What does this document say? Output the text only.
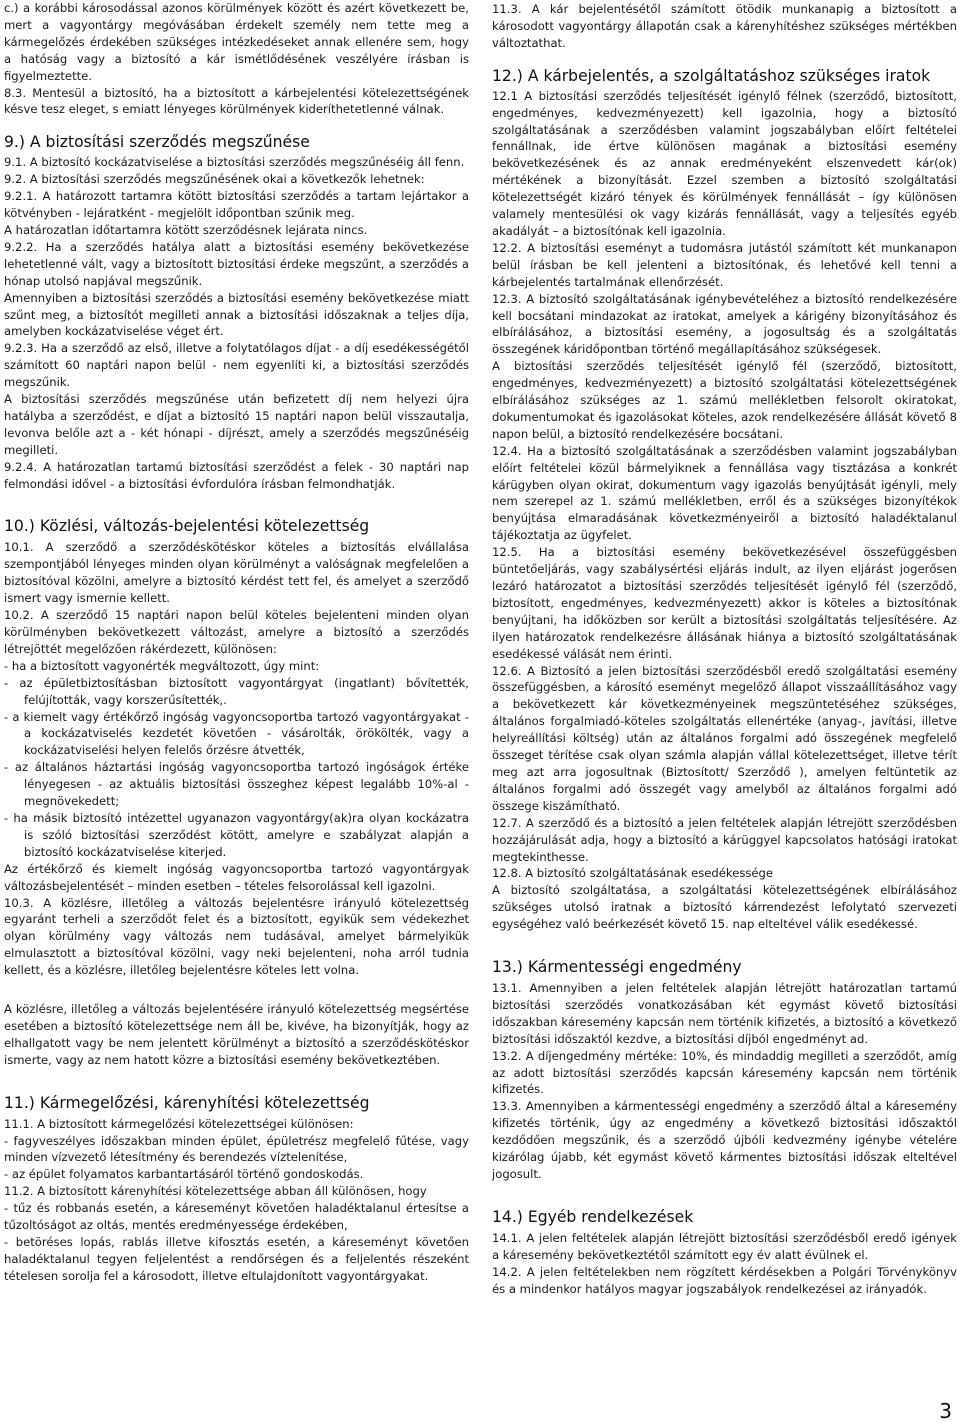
c.) a korábbi károsodással azonos körülmények között és azért következett be, mert a vagyontárgy megóvásában érdekelt személy nem tette meg a kármegelőzés érdekében szükséges intézkedéseket annak ellenére sem, hogy a hatóság vagy a biztosító a kár ismétlődésének veszélyére írásban is figyelmeztette.

8.3. Mentesül a biztosító, ha a biztosított a kárbejelentési kötelezettségének késve tesz eleget, s emiatt lényeges körülmények kideríthetetlenné válnak.

9.) A biztosítási szerződés megszűnése

9.1. A biztosító kockázatviselése a biztosítási szerződés megszűnéséig áll fenn.

9.2. A biztosítási szerződés megszűnésének okai a következők lehetnek:

9.2.1. A határozott tartamra kötött biztosítási szerződés a tartam lejártakor a kötvényben - lejáratként - megjelölt időpontban szűnik meg.

A határozatlan időtartamra kötött szerződésnek lejárata nincs.

9.2.2. Ha a szerződés hatálya alatt a biztosítási esemény bekövetkezése lehetetlenné vált, vagy a biztosított biztosítási érdeke megszűnt, a szerződés a hónap utolsó napjával megszűnik.

Amennyiben a biztosítási szerződés a biztosítási esemény bekövetkezése miatt szűnt meg, a biztosítót megilleti annak a biztosítási időszaknak a teljes díja, amelyben kockázatviselése véget ért.

9.2.3. Ha a szerződő az első, illetve a folytatólagos díjat - a díj esedékességétől számított 60 naptári napon belül - nem egyenlíti ki, a biztosítási szerződés megszűnik.

A biztosítási szerződés megszűnése után befizetett díj nem helyezi újra hatályba a szerződést, e díjat a biztosító 15 naptári napon belül visszautalja, levonva belőle azt a - két hónapi - díjrészt, amely a szerződés megszűnéséig megilleti.

9.2.4. A határozatlan tartamú biztosítási szerződést a felek - 30 naptári nap felmondási idővel - a biztosítási évfordulóra írásban felmondhatják.

10.) Közlési, változás-bejelentési kötelezettség

10.1. A szerződő a szerződéskötéskor köteles a biztosítás elvállalása szempontjából lényeges minden olyan körülményt a valóságnak megfelelően a biztosítóval közölni, amelyre a biztosító kérdést tett fel, és amelyet a szerződő ismert vagy ismernie kellett.

10.2. A szerződő 15 naptári napon belül köteles bejelenteni minden olyan körülményben bekövetkezett változást, amelyre a biztosító a szerződés létrejöttét megelőzően rákérdezett, különösen:

- ha a biztosított vagyonérték megváltozott, úgy mint:

- az épületbiztosításban biztosított vagyontárgyat (ingatlant) bővítették, felújították, vagy korszerűsítették,.

- a kiemelt vagy értékőrző ingóság vagyoncsoportba tartozó vagyontárgyakat - a kockázatviselés kezdetét követően - vásárolták, örökölték, vagy a kockázatviselési helyen felelős őrzésre átvették,

- az általános háztartási ingóság vagyoncsoportba tartozó ingóságok értéke lényegesen - az aktuális biztosítási összeghez képest legalább 10%-al - megnövekedett;

- ha másik biztosító intézettel ugyanazon vagyontárgy(ak)ra olyan kockázatra is szóló biztosítási szerződést kötött, amelyre e szabályzat alapján a biztosító kockázatviselése kiterjed.

Az értékőrző és kiemelt ingóság vagyoncsoportba tartozó vagyontárgyak változásbejelentését – minden esetben – tételes felsorolással kell igazolni.

10.3. A közlésre, illetőleg a változás bejelentésre irányuló kötelezettség egyaránt terheli a szerződőt felet és a biztosított, egyikük sem védekezhet olyan körülmény vagy változás nem tudásával, amelyet bármelyikük elmulasztott a biztosítóval közölni, vagy neki bejelenteni, noha arról tudnia kellett, és a közlésre, illetőleg bejelentésre köteles lett volna.

A közlésre, illetőleg a változás bejelentésére irányuló kötelezettség megsértése esetében a biztosító kötelezettsége nem áll be, kivéve, ha bizonyítják, hogy az elhallgatott vagy be nem jelentett körülményt a biztosító a szerződéskötéskor ismerte, vagy az nem hatott közre a biztosítási esemény bekövetkeztében.

11.) Kármegelőzési, kárenyhítési kötelezettség

11.1. A biztosított kármegelőzési kötelezettségei különösen:

- fagyveszélyes időszakban minden épület, épületrész megfelelő fűtése, vagy minden vízvezető létesítmény és berendezés víztelenítése,

- az épület folyamatos karbantartásáról történő gondoskodás.

11.2. A biztosított kárenyhítési kötelezettsége abban áll különösen, hogy

- tűz és robbanás esetén, a káreseményt követően haladéktalanul értesítse a tűzoltóságot az oltás, mentés eredményessége érdekében,

- betöréses lopás, rablás illetve kifosztás esetén, a káreseményt követően haladéktalanul tegyen feljelentést a rendőrségen és a feljelentés részeként tételesen sorolja fel a károsodott, illetve eltulajdonított vagyontárgyakat.

11.3. A kár bejelentésétől számított ötödik munkanapig a biztosított a károsodott vagyontárgy állapotán csak a kárenyhítéshez szükséges mértékben változtathat.

12.) A kárbejelentés, a szolgáltatáshoz szükséges iratok

12.1 A biztosítási szerződés teljesítését igénylő félnek (szerződő, biztosított, engedményes, kedvezményezett) kell igazolnia, hogy a biztosító szolgáltatásának a szerződésben valamint jogszabályban előírt feltételei fennállnak, ide értve különösen magának a biztosítási esemény bekövetkezésének és az annak eredményeként elszenvedett kár(ok) mértékének a bizonyítását. Ezzel szemben a biztosító szolgáltatási kötelezettségét kizáró tények és körülmények fennállását – így különösen valamely mentesülési ok vagy kizárás fennállását, vagy a teljesítés egyéb akadályát – a biztosítónak kell igazolnia.

12.2. A biztosítási eseményt a tudomásra jutástól számított két munkanapon belül írásban be kell jelenteni a biztosítónak, és lehetővé kell tenni a kárbejelentés tartalmának ellenőrzését.

12.3. A biztosító szolgáltatásának igénybevételéhez a biztosító rendelkezésére kell bocsátani mindazokat az iratokat, amelyek a kárigény bizonyításához és elbírálásához, a biztosítási esemény, a jogosultság és a szolgáltatás összegének káridőpontban történő megállapításához szükségesek.

A biztosítási szerződés teljesítését igénylő fél (szerződő, biztosított, engedményes, kedvezményezett) a biztosító szolgáltatási kötelezettségének elbírálásához szükséges az 1. számú mellékletben felsorolt okiratokat, dokumentumokat és igazolásokat köteles, azok rendelkezésére állását követő 8 napon belül, a biztosító rendelkezésére bocsátani.

12.4. Ha a biztosító szolgáltatásának a szerződésben valamint jogszabályban előírt feltételei közül bármelyiknek a fennállása vagy tisztázása a konkrét kárügyben olyan okirat, dokumentum vagy igazolás benyújtását igényli, mely nem szerepel az 1. számú mellékletben, erről és a szükséges bizonyítékok benyújtása elmaradásának következményeiről a biztosító haladéktalanul tájékoztatja az ügyfelet.

12.5. Ha a biztosítási esemény bekövetkezésével összefüggésben büntetőeljárás, vagy szabálysértési eljárás indult, az ilyen eljárást jogerősen lezáró határozatot a biztosítási szerződés teljesítését igénylő fél (szerződő, biztosított, engedményes, kedvezményezett) akkor is köteles a biztosítónak benyújtani, ha időközben sor került a biztosítási szolgáltatás teljesítésére. Az ilyen határozatok rendelkezésre állásának hiánya a biztosító szolgáltatásának esedékessé válását nem érinti.

12.6. A Biztosító a jelen biztosítási szerződésből eredő szolgáltatási esemény összefüggésben, a károsító eseményt megelőző állapot visszaállításához vagy a bekövetkezett kár következményeinek megszüntetéséhez szükséges, általános forgalmiadó-köteles szolgáltatás ellenértéke (anyag-, javítási, illetve helyreállítási költség) után az általános forgalmi adó összegének megfelelő összeget térítése csak olyan számla alapján vállal kötelezettséget, illetve térít meg azt arra jogosultnak (Biztosított/ Szerződő ), amelyen feltüntetik az általános forgalmi adó összegét vagy amelyből az általános forgalmi adó összege kiszámítható.

12.7. A szerződő és a biztosító a jelen feltételek alapján létrejött szerződésben hozzájárulását adja, hogy a biztosító a kárüggyel kapcsolatos hatósági iratokat megtekinthesse.

12.8. A biztosító szolgáltatásának esedékessége

A biztosító szolgáltatása, a szolgáltatási kötelezettségének elbírálásához szükséges utolsó iratnak a biztosító kárrendezést lefolytató szervezeti egységéhez való beérkezését követő 15. nap elteltével válik esedékessé.

13.) Kármentességi engedmény

13.1. Amennyiben a jelen feltételek alapján létrejött határozatlan tartamú biztosítási szerződés vonatkozásában két egymást követő biztosítási időszakban káresemény kapcsán nem történik kifizetés, a biztosító a következő biztosítási időszaktól kezdve, a biztosítási díjból engedményt ad.

13.2. A díjengedmény mértéke: 10%, és mindaddig megilleti a szerződőt, amíg az adott biztosítási szerződés kapcsán káresemény kapcsán nem történik kifizetés.

13.3. Amennyiben a kármentességi engedmény a szerződő által a káresemény kifizetés történik, úgy az engedmény a következő biztosítási időszaktól kezdődően megszűnik, és a szerződő újbóli kedvezmény igénybe vételére kizárólag újabb, két egymást követő kármentes biztosítási időszak elteltével jogosult.

14.) Egyéb rendelkezések

14.1. A jelen feltételek alapján létrejött biztosítási szerződésből eredő igények a káresemény bekövetkeztétől számított egy év alatt évülnek el.

14.2. A jelen feltételekben nem rögzített kérdésekben a Polgári Törvénykönyv és a mindenkor hatályos magyar jogszabályok rendelkezései az irányadók.

3
